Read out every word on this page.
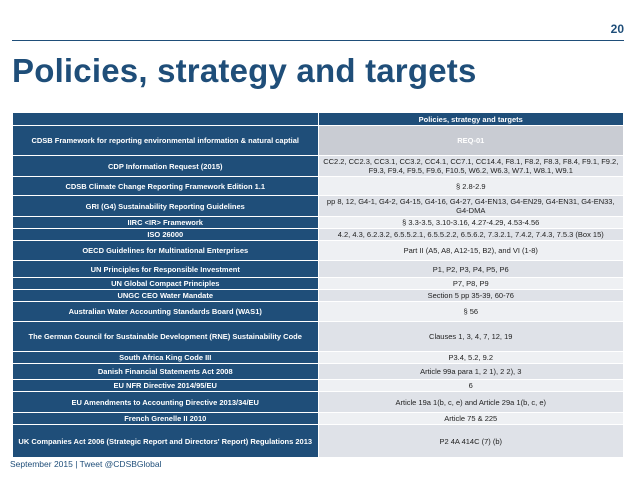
20
Policies, strategy and targets
	Policies, strategy and targets
CDSB Framework for reporting environmental information & natural captial	REQ-01
CDP Information Request (2015)	CC2.2, CC2.3, CC3.1, CC3.2, CC4.1, CC7.1, CC14.4, F8.1, F8.2, F8.3, F8.4, F9.1, F9.2, F9.3, F9.4, F9.5, F9.6, F10.5, W6.2, W6.3, W7.1, W8.1, W9.1
CDSB Climate Change Reporting Framework Edition 1.1	§ 2.8-2.9
GRI (G4) Sustainability Reporting Guidelines	pp 8, 12, G4-1, G4-2, G4-15, G4-16, G4-27, G4-EN13, G4-EN29, G4-EN31, G4-EN33, G4-DMA
IIRC <IR> Framework	§ 3.3-3.5, 3.10-3.16, 4.27-4.29, 4.53-4.56
ISO 26000	4.2, 4.3, 6.2.3.2, 6.5.5.2.1, 6.5.5.2.2, 6.5.6.2, 7.3.2.1, 7.4.2, 7.4.3, 7.5.3 (Box 15)
OECD Guidelines for Multinational Enterprises	Part II (A5, A8, A12-15, B2), and VI (1-8)
UN Principles for Responsible Investment	P1, P2, P3, P4, P5, P6
UN Global Compact Principles	P7, P8, P9
UNGC CEO Water Mandate	Section 5 pp 35-39, 60-76
Australian Water Accounting Standards Board (WAS1)	§ 56
The German Council for Sustainable Development (RNE) Sustainability Code	Clauses 1, 3, 4, 7, 12, 19
South Africa King Code III	P3.4, 5.2, 9.2
Danish Financial Statements Act 2008	Article 99a para 1, 2 1), 2 2), 3
EU NFR Directive 2014/95/EU	6
EU Amendments to Accounting Directive 2013/34/EU	Article 19a 1(b, c, e) and Article 29a 1(b, c, e)
French Grenelle II 2010	Article 75 & 225
UK Companies Act 2006 (Strategic Report and Directors' Report) Regulations 2013	P2 4A 414C (7) (b)
September 2015 | Tweet @CDSBGlobal
